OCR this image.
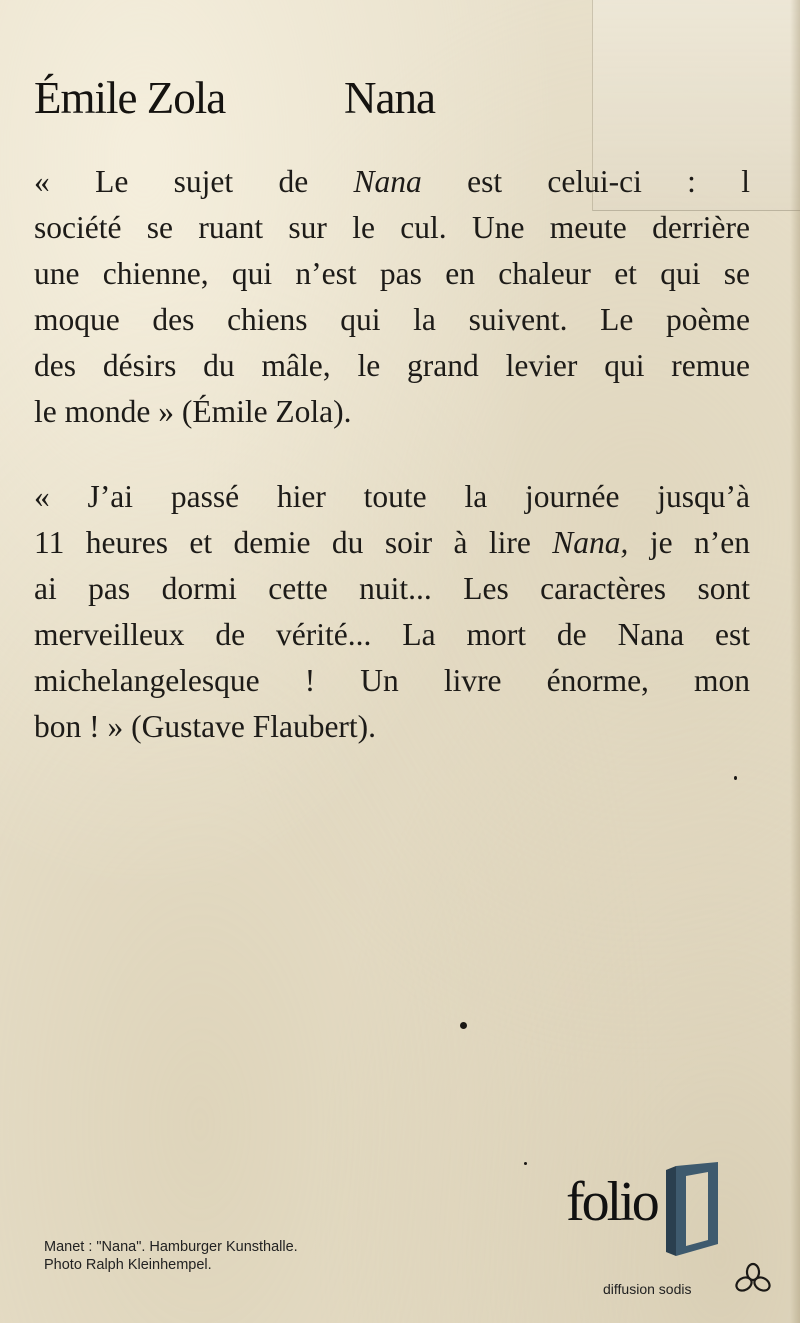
Émile Zola	Nana
« Le sujet de Nana est celui-ci : l
société se ruant sur le cul. Une meute derrière
une chienne, qui n’est pas en chaleur et qui se
moque des chiens qui la suivent. Le poème
des désirs du mâle, le grand levier qui remue
le monde » (Émile Zola).
« J’ai passé hier toute la journée jusqu’à
11 heures et demie du soir à lire Nana, je n’en
ai pas dormi cette nuit... Les caractères sont
merveilleux de vérité... La mort de Nana est
michelangelesque ! Un livre énorme, mon
bon ! » (Gustave Flaubert).
Manet : "Nana". Hamburger Kunsthalle.
Photo Ralph Kleinhempel.
folio
diffusion sodis
